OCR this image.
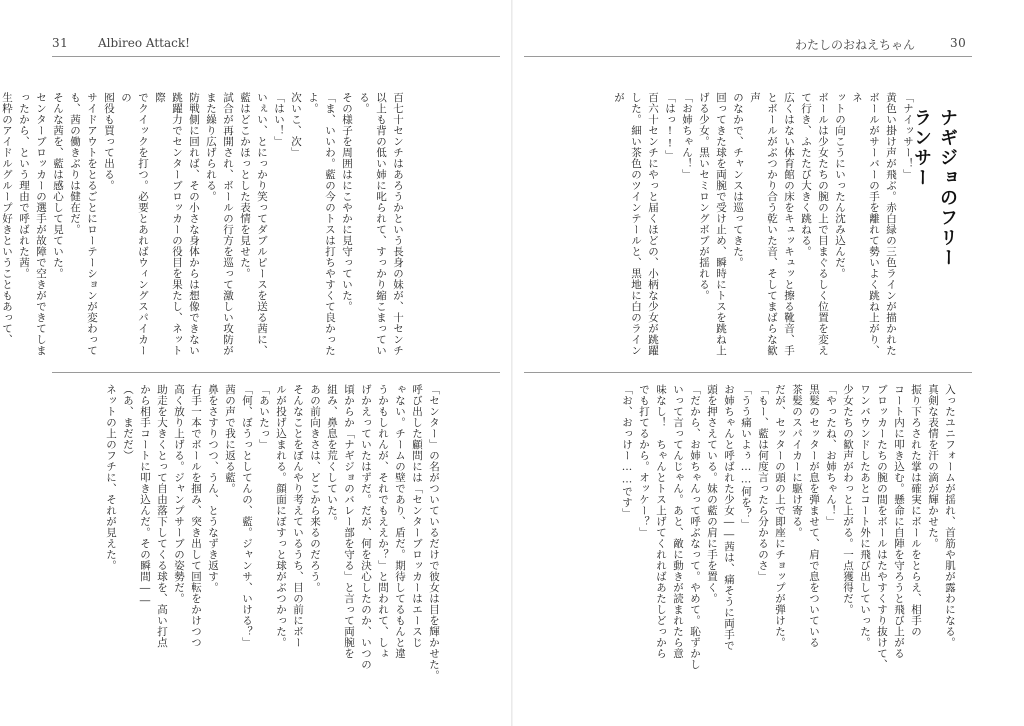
31 Albireo Attack!	わたしのおねえちゃん	30
ナギジョのフリーランサー

「ナイッサー！」

黄色い掛け声が飛ぶ。赤白緑の三色ラインが描かれた

ボールがサーバーの手を離れて勢いよく跳ね上がり、ネ

ットの向こうにいったん沈み込んだ。

ボールは少女たちの腕の上で目まぐるしく位置を変え

て行き、ふたたび大きく跳ねる。

広くはない体育館の床をキュッキュッと擦る靴音、手

とボールがぶつかり合う乾いた音、そしてまばらな歓声

のなかで、チャンスは巡ってきた。

回ってきた球を両腕で受け止め、瞬時にトスを跳ね上

げる少女。黒いセミロングボブが揺れる。

「お姉ちゃん！」

「はっ!!」

百六十センチにやっと届くほどの、小柄な少女が跳躍

した。細い茶色のツインテールと、黒地に白のラインが

入ったユニフォームが揺れ、首筋や肌が露わになる。

真剣な表情を汗の滴が輝かせた。

振り下ろされた掌は確実にボールをとらえ、相手の

コート内に叩き込む。懸命に自陣を守ろうと飛び上がる

ブロッカーたちの腕の間をボールはたやすくすり抜けて、

ワンバウンドしたあとコート外に飛び出していった。

少女たちの歓声がわっと上がる。一点獲得だ。

「やったね、お姉ちゃん！」

黒髪のセッターが息を弾ませて、肩で息をついている

茶髪のスパイカーに駆け寄る。

だが、セッターの頭の上で即座にチョップが弾けた。

「もー、藍は何度言ったら分かるのさ」

「うう痛いよぅ……何を？」

お姉ちゃんと呼ばれた少女――茜は、痛そうに両手で

頭を押さえている。妹の藍の肩に手を置く。

「だから、お姉ちゃんって呼ぶなって。やめて。恥ずかし

いって言ってんじゃん。あと、敵に動きが読まれたら意

味なし！　ちゃんとトス上げてくれればあたしどっから

でも打てるから。オッケー？」

「お、おっけー……です」

百七十センチはあろうかという長身の妹が、十センチ

以上も背の低い姉に叱られて、すっかり縮こまっている。

その様子を周囲はにこやかに見守っていた。

「ま、いいわ。藍の今のトスは打ちやすくて良かったよ。

次いこ、次」

「はい！」

いぇい、とにっかり笑ってダブルピースを送る茜に、

藍はどこかほっとした表情を見せた。

試合が再開され、ボールの行方を巡って激しい攻防が

また繰り広げられる。

防戦側に回れば、その小さな身体からは想像できない

跳躍力でセンターブロッカーの役目を果たし、ネット際

でクイックを打つ。必要とあればウィングスパイカーの

囮役も買って出る。

サイドアウトをとるごとにローテーションが変わって

も、茜の働きぶりは健在だ。

そんな茜を、藍は感心して見ていた。

センターブロッカーの選手が故障で空きができてしま

ったから、という理由で呼ばれた茜。

生粋のアイドルグループ好きということもあって、

「センター」の名がついているだけで彼女は目を輝かせた。

呼び出した顧問には「センターブロッカーはエースじ

ゃない。チームの壁であり、盾だ。期待してるもんと違

うかもしれんが、それでもええか？」と問われて、しょ

げかえっていたはずだ。だが、何を決心したのか、いつの

頃からか「ナギジョのバレー部を守る」と言って両腕を

組み、鼻息を荒くしていた。

あの前向きさは、どこから来るのだろう。

そんなことをぼんやり考えているうち、目の前にボー

ルが投げ込まれる。顔面にぼすっと球がぶつかった。

「あいたっ」

「何、ぼうっとしてんの、藍。ジャンサ、いける？」

茜の声で我に返る藍。

鼻をさすりつつ、うん、とうなずき返す。

右手一本でボールを掴み、突き出して回転をかけつつ

高く放り上げる。ジャンプサーブの姿勢だ。

助走を大きくとって自由落下してくる球を、高い打点

から相手コートに叩き込んだ。その瞬間――

（あ、まだだ）

ネットの上のフチに、それが見えた。
